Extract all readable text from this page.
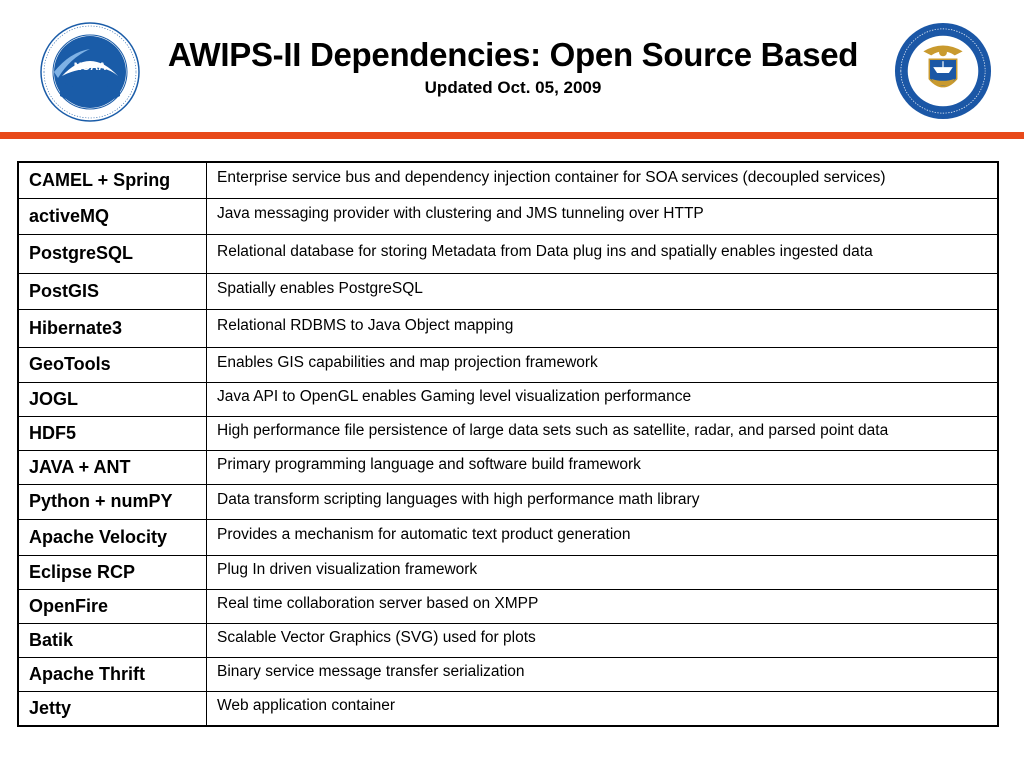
NOAA	AWIPS-II Dependencies: Open Source Based
Updated Oct. 05, 2009
CAMEL + Spring	Enterprise service bus and dependency injection container for SOA services (decoupled services)
activeMQ	Java messaging provider with clustering and JMS tunneling over HTTP
PostgreSQL	Relational database for storing Metadata from Data plug ins and spatially enables ingested data
PostGIS	Spatially enables PostgreSQL
Hibernate3	Relational RDBMS to Java Object mapping
GeoTools	Enables GIS capabilities and map projection framework
JOGL	Java API to OpenGL enables Gaming level visualization performance
HDF5	High performance file persistence of large data sets such as satellite, radar, and parsed point data
JAVA + ANT	Primary programming language and software build framework
Python + numPY	Data transform scripting languages with high performance math library
Apache Velocity	Provides a mechanism for automatic text product generation
Eclipse RCP	Plug In driven visualization framework
OpenFire	Real time collaboration server based on XMPP
Batik	Scalable Vector Graphics (SVG) used for plots
Apache Thrift	Binary service message transfer serialization
Jetty	Web application container
